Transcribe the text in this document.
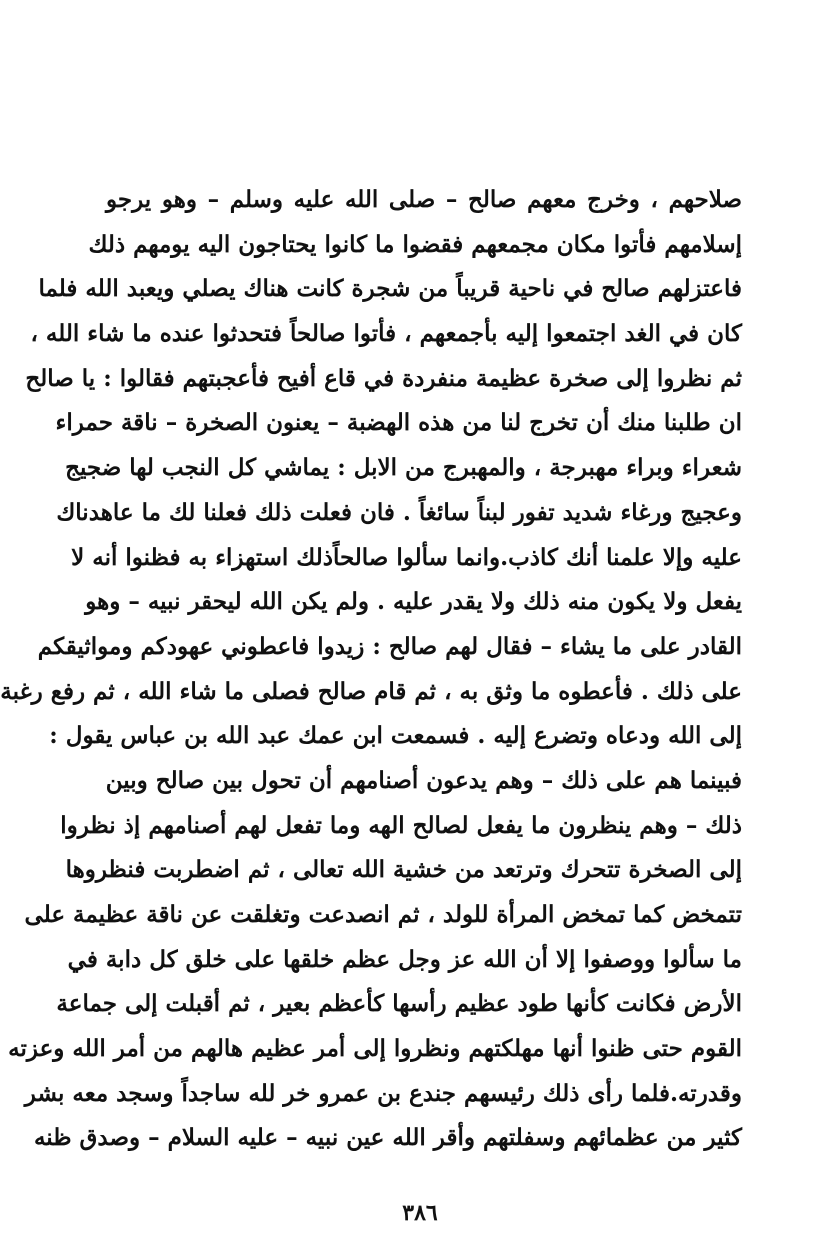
صلاحهم ، وخرج معهم صالح – صلى الله عليه وسلم – وهو يرجو
إسلامهم فأتوا مكان مجمعهم فقضوا ما كانوا يحتاجون اليه يومهم ذلك
فاعتزلهم صالح في ناحية قريباً من شجرة كانت هناك يصلي ويعبد الله فلما
كان في الغد اجتمعوا إليه بأجمعهم ، فأتوا صالحاً فتحدثوا عنده ما شاء الله ،
ثم نظروا إلى صخرة عظيمة منفردة في قاع أفيح فأعجبتهم فقالوا : يا صالح
ان طلبنا منك أن تخرج لنا من هذه الهضبة – يعنون الصخرة – ناقة حمراء
شعراء وبراء مهبرجة ، والمهبرج من الابل : يماشي كل النجب لها ضجيج
وعجيج ورغاء شديد تفور لبناً سائغاً . فان فعلت ذلك فعلنا لك ما عاهدناك
عليه وإلا علمنا أنك كاذب.وانما سألوا صالحاًذلك استهزاء به فظنوا أنه لا
يفعل ولا يكون منه ذلك ولا يقدر عليه . ولم يكن الله ليحقر نبيه – وهو
القادر على ما يشاء – فقال لهم صالح : زيدوا فاعطوني عهودكم ومواثيقكم
على ذلك . فأعطوه ما وثق به ، ثم قام صالح فصلى ما شاء الله ، ثم رفع رغبة
إلى الله ودعاه وتضرع إليه . فسمعت ابن عمك عبد الله بن عباس يقول :
فبينما هم على ذلك – وهم يدعون أصنامهم أن تحول بين صالح وبين
ذلك – وهم ينظرون ما يفعل لصالح الهه وما تفعل لهم أصنامهم إذ نظروا
إلى الصخرة تتحرك وترتعد من خشية الله تعالى ، ثم اضطربت فنظروها
تتمخض كما تمخض المرأة للولد ، ثم انصدعت وتغلقت عن ناقة عظيمة على
ما سألوا ووصفوا إلا أن الله عز وجل عظم خلقها على خلق كل دابة في
الأرض فكانت كأنها طود عظيم رأسها كأعظم بعير ، ثم أقبلت إلى جماعة
القوم حتى ظنوا أنها مهلكتهم ونظروا إلى أمر عظيم هالهم من أمر الله وعزته
وقدرته.فلما رأى ذلك رئيسهم جندع بن عمرو خر لله ساجداً وسجد معه بشر
كثير من عظمائهم وسفلتهم وأقر الله عين نبيه – عليه السلام – وصدق ظنه
٣٨٦
